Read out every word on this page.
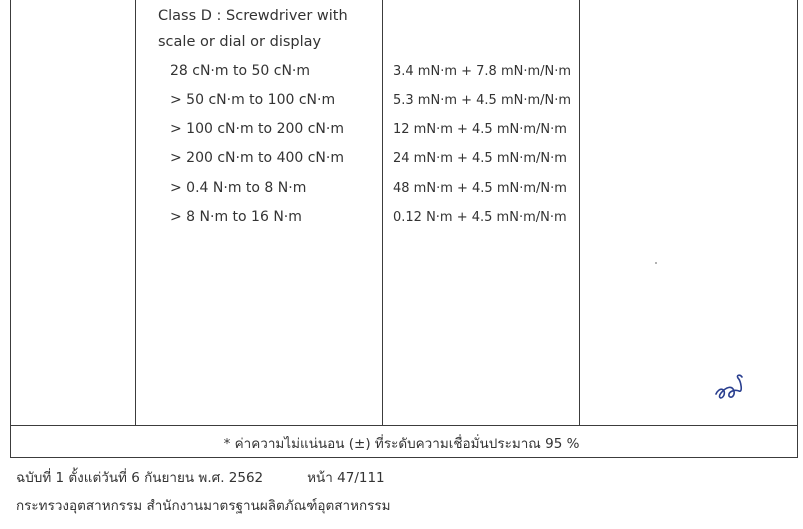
Class D : Screwdriver with
scale or dial or display
28 cN·m to 50 cN·m	3.4 mN·m + 7.8 mN·m/N·m
> 50 cN·m to 100 cN·m	5.3 mN·m + 4.5 mN·m/N·m
> 100 cN·m to 200 cN·m	12 mN·m + 4.5 mN·m/N·m
> 200 cN·m to 400 cN·m	24 mN·m + 4.5 mN·m/N·m
> 0.4 N·m to 8 N·m	48 mN·m + 4.5 mN·m/N·m
> 8 N·m to 16 N·m	0.12 N·m + 4.5 mN·m/N·m
* ค่าความไม่แน่นอน (±) ที่ระดับความเชื่อมั่นประมาณ 95 %
ฉบับที่ 1 ตั้งแต่วันที่ 6 กันยายน พ.ศ. 2562	หน้า 47/111
กระทรวงอุตสาหกรรม สำนักงานมาตรฐานผลิตภัณฑ์อุตสาหกรรม
